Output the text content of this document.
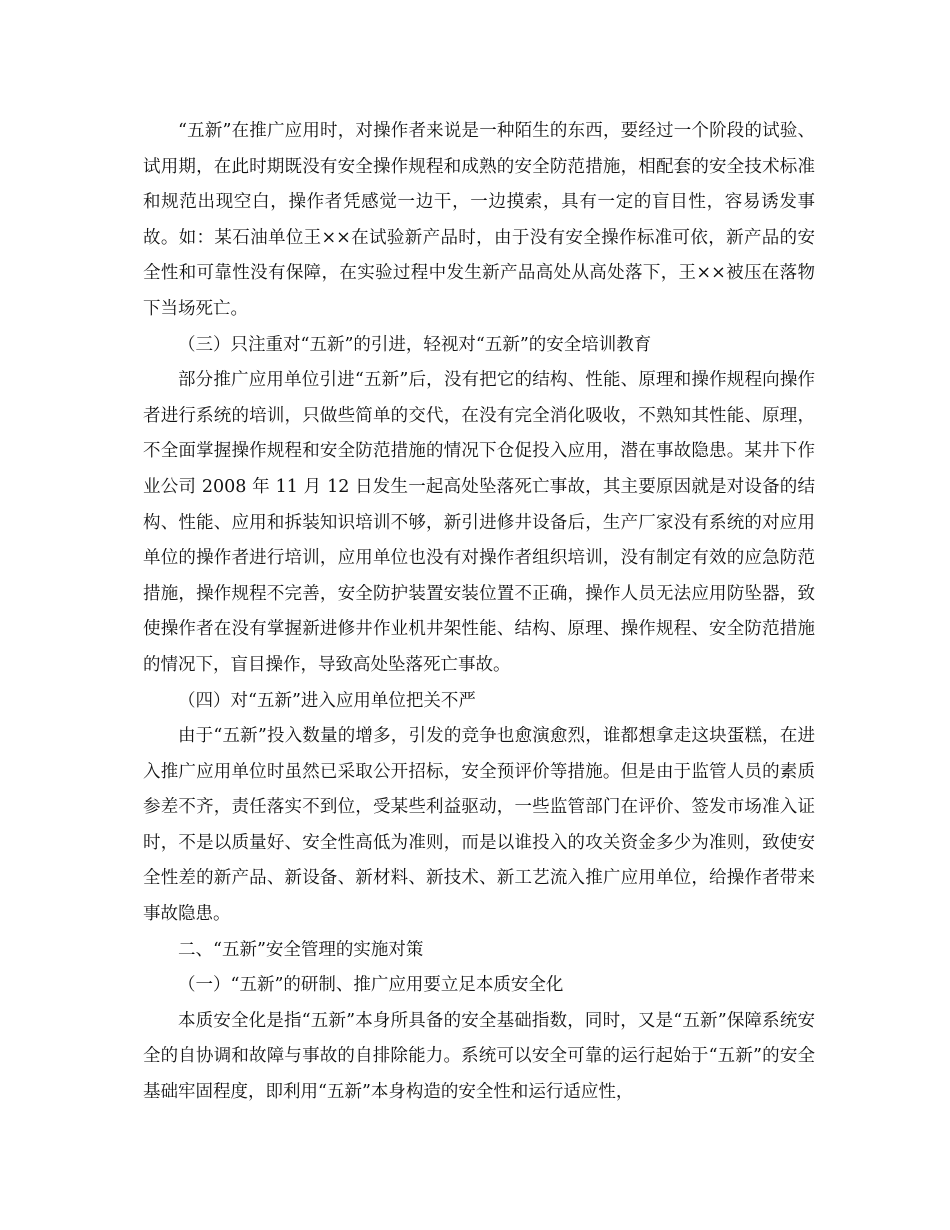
“五新”在推广应用时，对操作者来说是一种陌生的东西，要经过一个阶段的试验、试用期，在此时期既没有安全操作规程和成熟的安全防范措施，相配套的安全技术标准和规范出现空白，操作者凭感觉一边干，一边摸索，具有一定的盲目性，容易诱发事故。如：某石油单位王××在试验新产品时，由于没有安全操作标准可依，新产品的安全性和可靠性没有保障，在实验过程中发生新产品高处从高处落下，王××被压在落物下当场死亡。

（三）只注重对“五新”的引进，轻视对“五新”的安全培训教育

部分推广应用单位引进“五新”后，没有把它的结构、性能、原理和操作规程向操作者进行系统的培训，只做些简单的交代，在没有完全消化吸收，不熟知其性能、原理，不全面掌握操作规程和安全防范措施的情况下仓促投入应用，潜在事故隐患。某井下作业公司 2008 年 11 月 12 日发生一起高处坠落死亡事故，其主要原因就是对设备的结构、性能、应用和拆装知识培训不够，新引进修井设备后，生产厂家没有系统的对应用单位的操作者进行培训，应用单位也没有对操作者组织培训，没有制定有效的应急防范措施，操作规程不完善，安全防护装置安装位置不正确，操作人员无法应用防坠器，致使操作者在没有掌握新进修井作业机井架性能、结构、原理、操作规程、安全防范措施的情况下，盲目操作，导致高处坠落死亡事故。

（四）对“五新”进入应用单位把关不严

由于“五新”投入数量的增多，引发的竞争也愈演愈烈，谁都想拿走这块蛋糕，在进入推广应用单位时虽然已采取公开招标，安全预评价等措施。但是由于监管人员的素质参差不齐，责任落实不到位，受某些利益驱动，一些监管部门在评价、签发市场准入证时，不是以质量好、安全性高低为准则，而是以谁投入的攻关资金多少为准则，致使安全性差的新产品、新设备、新材料、新技术、新工艺流入推广应用单位，给操作者带来事故隐患。

二、“五新”安全管理的实施对策

（一）“五新”的研制、推广应用要立足本质安全化

本质安全化是指“五新”本身所具备的安全基础指数，同时，又是“五新”保障系统安全的自协调和故障与事故的自排除能力。系统可以安全可靠的运行起始于“五新”的安全基础牢固程度，即利用“五新”本身构造的安全性和运行适应性，
